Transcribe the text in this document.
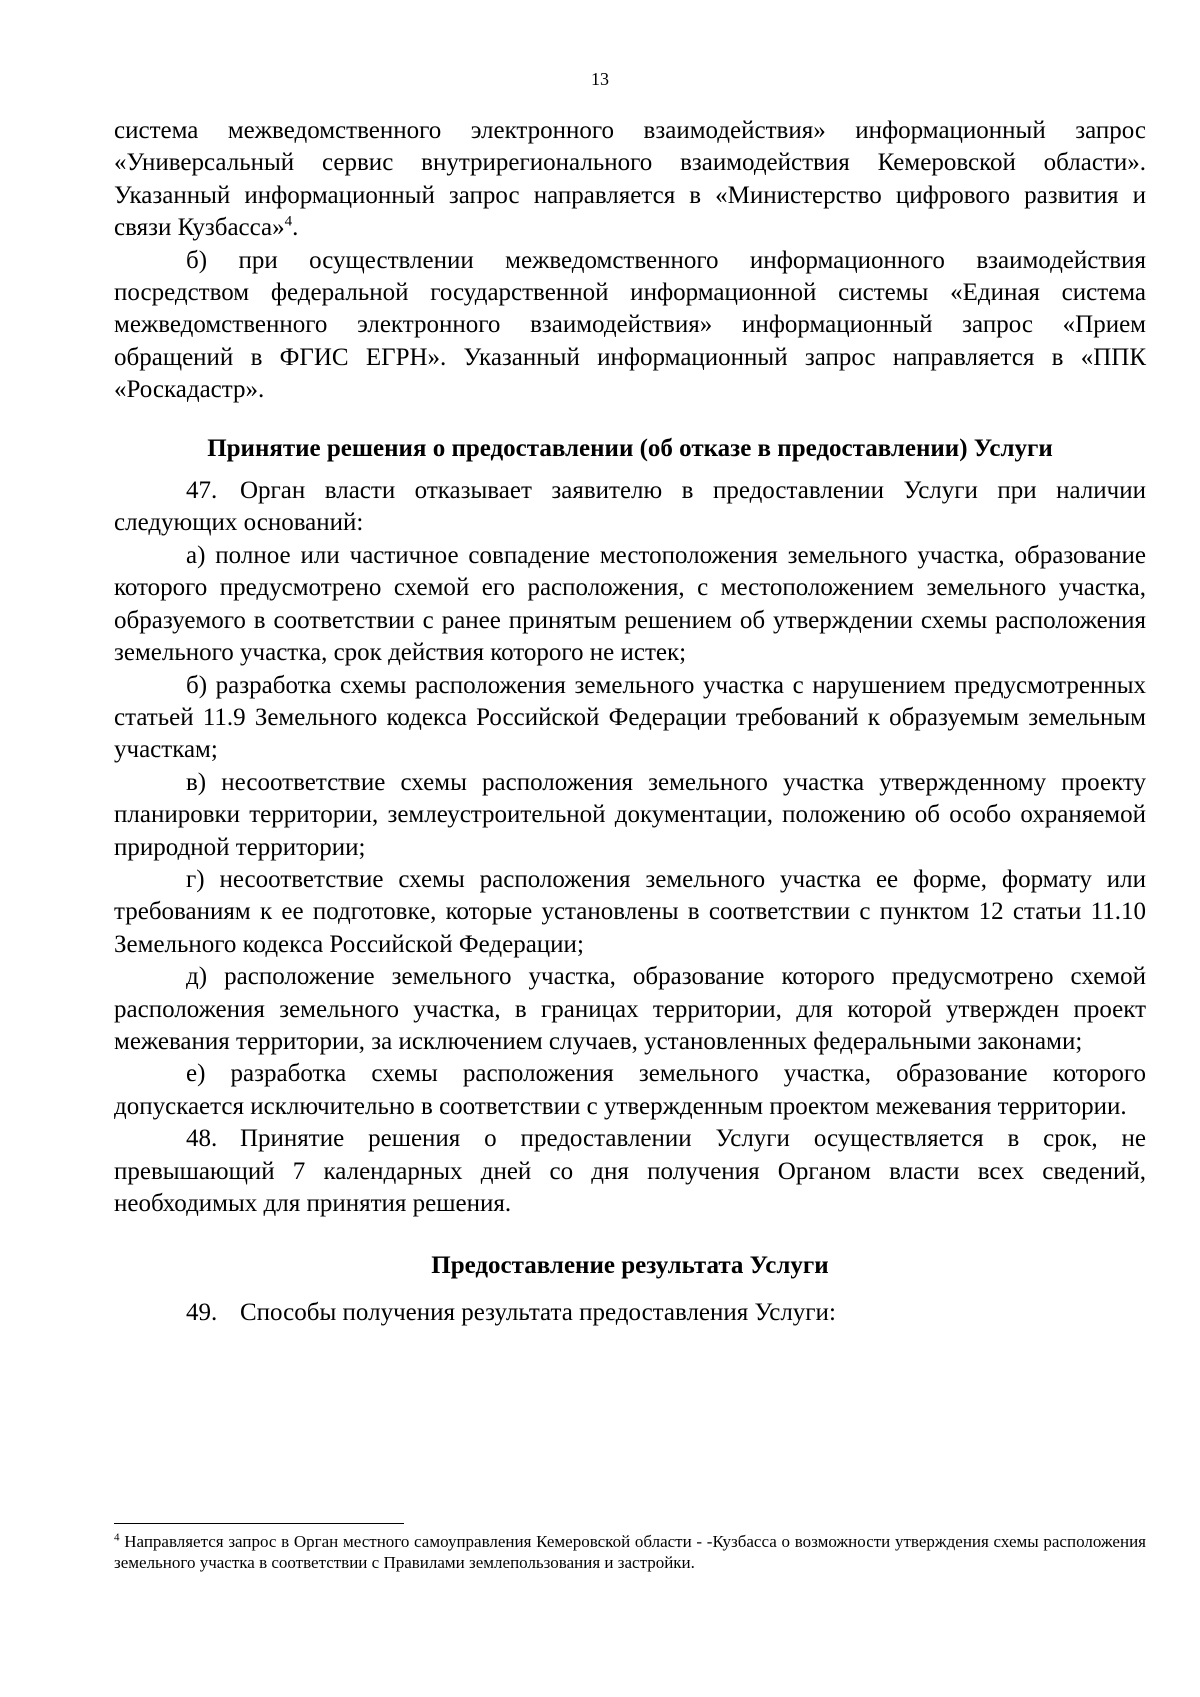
13

система межведомственного электронного взаимодействия» информационный запрос «Универсальный сервис внутрирегионального взаимодействия Кемеровской области». Указанный информационный запрос направляется в «Министерство цифрового развития и связи Кузбасса»$^4$.

б) при осуществлении межведомственного информационного взаимодействия посредством федеральной государственной информационной системы «Единая система межведомственного электронного взаимодействия» информационный запрос «Прием обращений в ФГИС ЕГРН». Указанный информационный запрос направляется в «ППК «Роскадастр».

Принятие решения о предоставлении (об отказе в предоставлении) Услуги

47. Орган власти отказывает заявителю в предоставлении Услуги при наличии следующих оснований:

а) полное или частичное совпадение местоположения земельного участка, образование которого предусмотрено схемой его расположения, с местоположением земельного участка, образуемого в соответствии с ранее принятым решением об утверждении схемы расположения земельного участка, срок действия которого не истек;

б) разработка схемы расположения земельного участка с нарушением предусмотренных статьей 11.9 Земельного кодекса Российской Федерации требований к образуемым земельным участкам;

в) несоответствие схемы расположения земельного участка утвержденному проекту планировки территории, землеустроительной документации, положению об особо охраняемой природной территории;

г) несоответствие схемы расположения земельного участка ее форме, формату или требованиям к ее подготовке, которые установлены в соответствии с пунктом 12 статьи 11.10 Земельного кодекса Российской Федерации;

д) расположение земельного участка, образование которого предусмотрено схемой расположения земельного участка, в границах территории, для которой утвержден проект межевания территории, за исключением случаев, установленных федеральными законами;

е) разработка схемы расположения земельного участка, образование которого допускается исключительно в соответствии с утвержденным проектом межевания территории.

48. Принятие решения о предоставлении Услуги осуществляется в срок, не превышающий 7 календарных дней со дня получения Органом власти всех сведений, необходимых для принятия решения.

Предоставление результата Услуги

49. Способы получения результата предоставления Услуги:

$^4$ Направляется запрос в Орган местного самоуправления Кемеровской области - -Кузбасса о возможности утверждения схемы расположения земельного участка в соответствии с Правилами землепользования и застройки.
